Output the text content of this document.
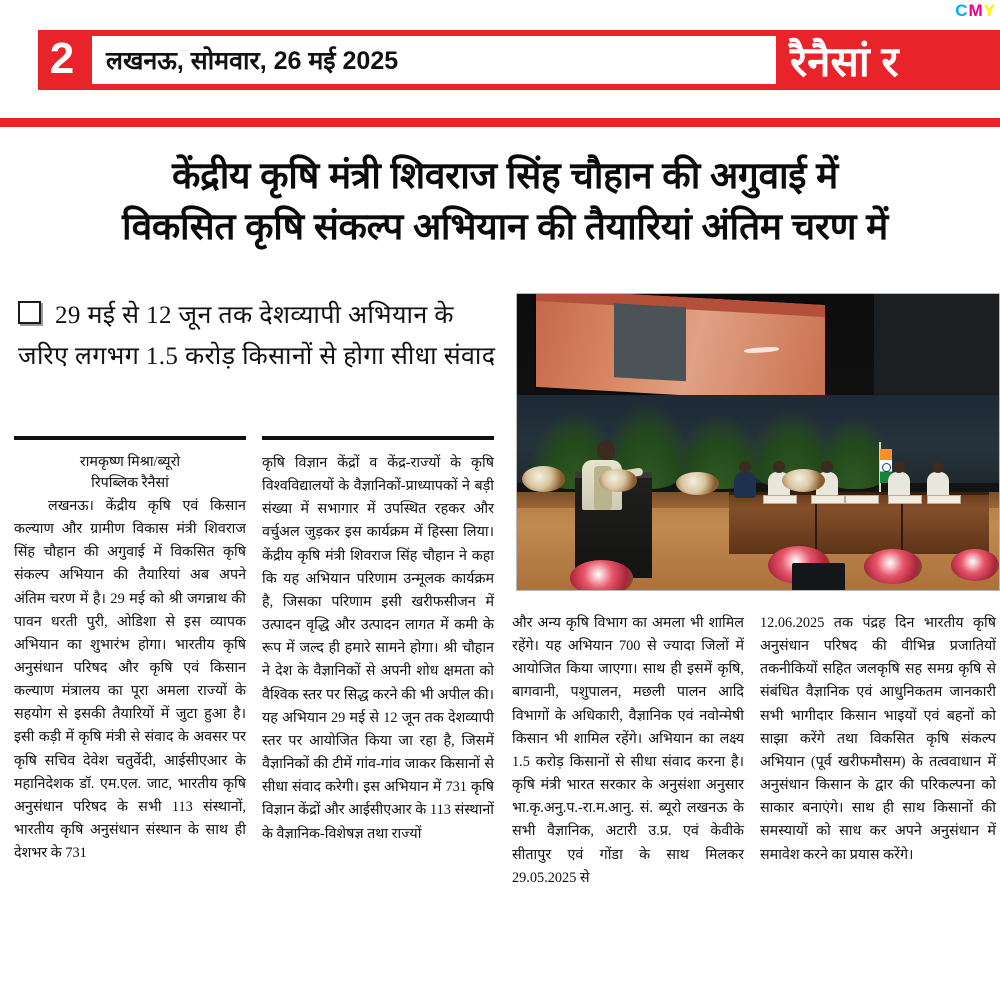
CMY
2	लखनऊ, सोमवार, 26 मई 2025	रैनैसां र
केंद्रीय कृषि मंत्री शिवराज सिंह चौहान की अगुवाई में
विकसित कृषि संकल्प अभियान की तैयारियां अंतिम चरण में
29 मई से 12 जून तक देशव्यापी अभियान के जरिए लगभग 1.5 करोड़ किसानों से होगा सीधा संवाद

रामकृष्ण मिश्रा/ब्यूरो

रिपब्लिक रैनैसां

लखनऊ। केंद्रीय कृषि एवं किसान कल्याण और ग्रामीण विकास मंत्री शिवराज सिंह चौहान की अगुवाई में विकसित कृषि संकल्प अभियान की तैयारियां अब अपने अंतिम चरण में है। 29 मई को श्री जगन्नाथ की पावन धरती पुरी, ओडिशा से इस व्यापक अभियान का शुभारंभ होगा। भारतीय कृषि अनुसंधान परिषद और कृषि एवं किसान कल्याण मंत्रालय का पूरा अमला राज्यों के सहयोग से इसकी तैयारियों में जुटा हुआ है। इसी कड़ी में कृषि मंत्री से संवाद के अवसर पर कृषि सचिव देवेश चतुर्वेदी, आईसीएआर के महानिदेशक डॉ. एम.एल. जाट, भारतीय कृषि अनुसंधान परिषद के सभी 113 संस्थानों, भारतीय कृषि अनुसंधान संस्थान के साथ ही देशभर के 731

कृषि विज्ञान केंद्रों व केंद्र-राज्यों के कृषि विश्वविद्यालयों के वैज्ञानिकों-प्राध्यापकों ने बड़ी संख्या में सभागार में उपस्थित रहकर और वर्चुअल जुड़कर इस कार्यक्रम में हिस्सा लिया। केंद्रीय कृषि मंत्री शिवराज सिंह चौहान ने कहा कि यह अभियान परिणाम उन्मूलक कार्यक्रम है, जिसका परिणाम इसी खरीफसीजन में उत्पादन वृद्धि और उत्पादन लागत में कमी के रूप में जल्द ही हमारे सामने होगा। श्री चौहान ने देश के वैज्ञानिकों से अपनी शोध क्षमता को वैश्विक स्तर पर सिद्ध करने की भी अपील की। यह अभियान 29 मई से 12 जून तक देशव्यापी स्तर पर आयोजित किया जा रहा है, जिसमें वैज्ञानिकों की टीमें गांव-गांव जाकर किसानों से सीधा संवाद करेगी। इस अभियान में 731 कृषि विज्ञान केंद्रों और आईसीएआर के 113 संस्थानों के वैज्ञानिक-विशेषज्ञ तथा राज्यों

और अन्य कृषि विभाग का अमला भी शामिल रहेंगे। यह अभियान 700 से ज्यादा जिलों में आयोजित किया जाएगा। साथ ही इसमें कृषि, बागवानी, पशुपालन, मछली पालन आदि विभागों के अधिकारी, वैज्ञानिक एवं नवोन्मेषी किसान भी शामिल रहेंगे। अभियान का लक्ष्य 1.5 करोड़ किसानों से सीधा संवाद करना है। कृषि मंत्री भारत सरकार के अनुसंशा अनुसार भा.कृ.अनु.प.-रा.म.आनु. सं. ब्यूरो लखनऊ के सभी वैज्ञानिक, अटारी उ.प्र. एवं केवीके सीतापुर एवं गोंडा के साथ मिलकर 29.05.2025 से

12.06.2025 तक पंद्रह दिन भारतीय कृषि अनुसंधान परिषद की वीभिन्न प्रजातियों तकनीकियों सहित जलकृषि सह समग्र कृषि से संबंधित वैज्ञानिक एवं आधुनिकतम जानकारी सभी भागीदार किसान भाइयों एवं बहनों को साझा करेंगे तथा विकसित कृषि संकल्प अभियान (पूर्व खरीफमौसम) के तत्ववाधान में अनुसंधान किसान के द्वार की परिकल्पना को साकार बनाएंगे। साथ ही साथ किसानों की समस्यायों को साध कर अपने अनुसंधान में समावेश करने का प्रयास करेंगे।
